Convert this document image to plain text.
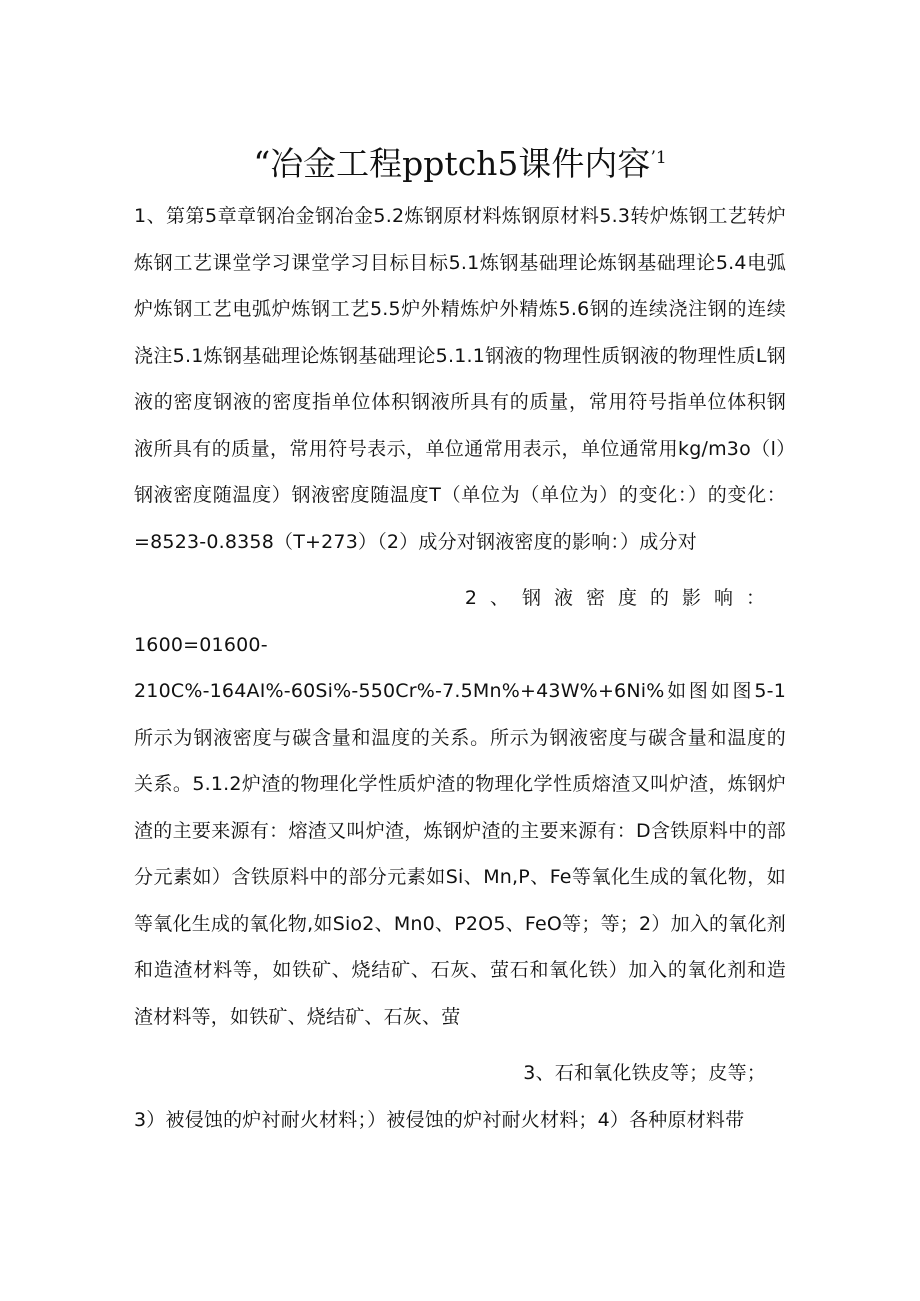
“冶金工程pptch5课件内容$^{’1}$

1、第第5章章钢冶金钢冶金5.2炼钢原材料炼钢原材料5.3转炉炼钢工艺转炉炼钢工艺课堂学习课堂学习目标目标5.1炼钢基础理论炼钢基础理论5.4电弧炉炼钢工艺电弧炉炼钢工艺5.5炉外精炼炉外精炼5.6钢的连续浇注钢的连续浇注5.1炼钢基础理论炼钢基础理论5.1.1钢液的物理性质钢液的物理性质L钢液的密度钢液的密度指单位体积钢液所具有的质量，常用符号指单位体积钢液所具有的质量，常用符号表示，单位通常用表示，单位通常用kg∕m3o（l）钢液密度随温度）钢液密度随温度T（单位为（单位为）的变化：）的变化：=8523-0.8358（T+273）（2）成分对钢液密度的影响：）成分对

2、钢液密度的影响：
1600=01600-210C%-164AI%-60Si%-550Cr%-7.5Mn%+43W%+6Ni%如图如图5-1所示为钢液密度与碳含量和温度的关系。所示为钢液密度与碳含量和温度的关系。5.1.2炉渣的物理化学性质炉渣的物理化学性质熔渣又叫炉渣，炼钢炉渣的主要来源有：熔渣又叫炉渣，炼钢炉渣的主要来源有：D含铁原料中的部分元素如）含铁原料中的部分元素如Si、Mn,P、Fe等氧化生成的氧化物，如等氧化生成的氧化物,如Sio2、Mn0、P2O5、FeO等；等；2）加入的氧化剂和造渣材料等，如铁矿、烧结矿、石灰、萤石和氧化铁）加入的氧化剂和造渣材料等，如铁矿、烧结矿、石灰、萤

3、石和氧化铁皮等；皮等；
3）被侵蚀的炉衬耐火材料；）被侵蚀的炉衬耐火材料；4）各种原材料带
